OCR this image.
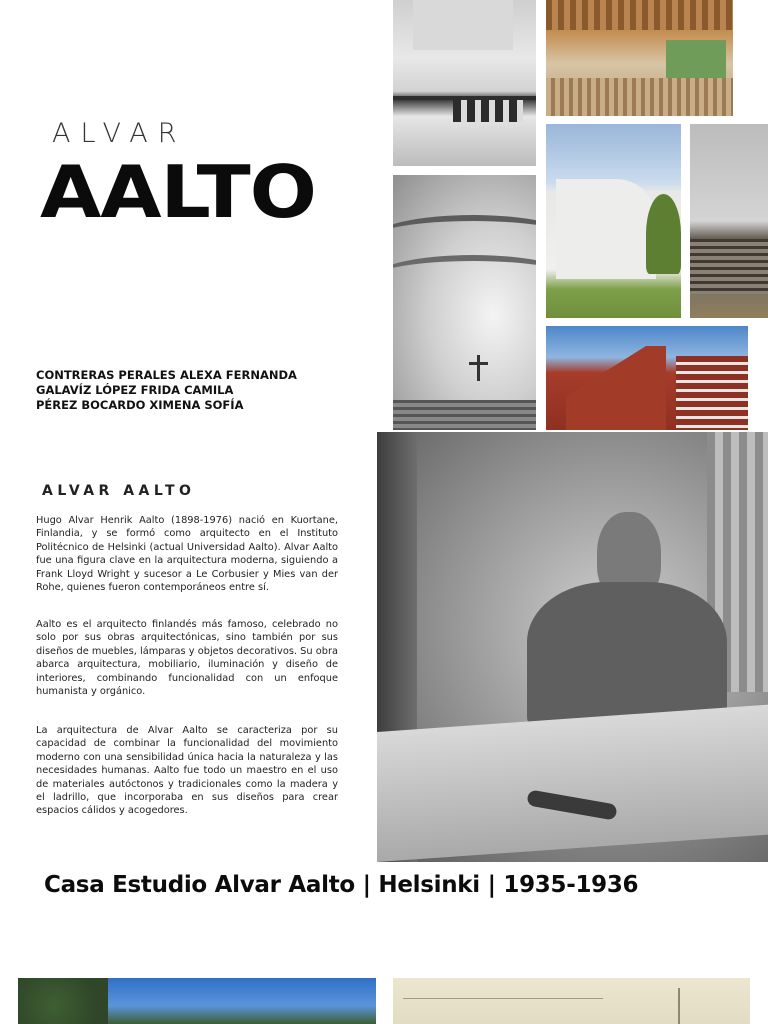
ALVAR
AALTO
CONTRERAS PERALES ALEXA FERNANDA
GALAVÍZ LÓPEZ FRIDA CAMILA
PÉREZ BOCARDO XIMENA SOFÍA
ALVAR AALTO
Hugo Alvar Henrik Aalto (1898-1976) nació en Kuortane, Finlandia, y se formó como arquitecto en el Instituto Politécnico de Helsinki (actual Universidad Aalto). Alvar Aalto fue una figura clave en la arquitectura moderna, siguiendo a Frank Lloyd Wright y sucesor a Le Corbusier y Mies van der Rohe, quienes fueron contemporáneos entre sí.
Aalto es el arquitecto finlandés más famoso, celebrado no solo por sus obras arquitectónicas, sino también por sus diseños de muebles, lámparas y objetos decorativos. Su obra abarca arquitectura, mobiliario, iluminación y diseño de interiores, combinando funcionalidad con un enfoque humanista y orgánico.
La arquitectura de Alvar Aalto se caracteriza por su capacidad de combinar la funcionalidad del movimiento moderno con una sensibilidad única hacia la naturaleza y las necesidades humanas. Aalto fue todo un maestro en el uso de materiales autóctonos y tradicionales como la madera y el ladrillo, que incorporaba en sus diseños para crear espacios cálidos y acogedores.
Casa Estudio Alvar Aalto | Helsinki | 1935-1936
